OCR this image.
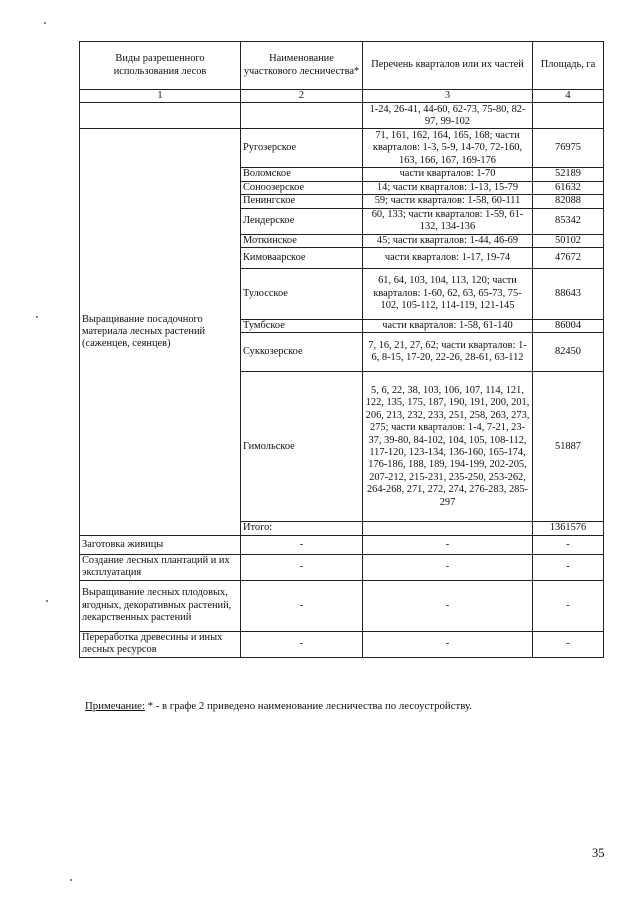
Виды разрешенного использования лесов	Наименование участкового лесничества*	Перечень кварталов или их частей	Площадь, га
1	2	3	4
		1-24, 26-41, 44-60, 62-73, 75-80, 82-97, 99-102	
Выращивание посадочного материала лесных растений (саженцев, сеянцев)	Ругозерское	71, 161, 162, 164, 165, 168; части кварталов: 1-3, 5-9, 14-70, 72-160, 163, 166, 167, 169-176	76975
	Воломское	части кварталов: 1-70	52189
	Соноозерское	14; части кварталов: 1-13, 15-79	61632
	Пенингское	59; части кварталов: 1-58, 60-111	82088
	Лендерское	60, 133; части кварталов: 1-59, 61-132, 134-136	85342
	Моткинское	45; части кварталов: 1-44, 46-69	50102
	Кимоваарское	части кварталов: 1-17, 19-74	47672
	Тулосское	61, 64, 103, 104, 113, 120; части кварталов: 1-60, 62, 63, 65-73, 75-102, 105-112, 114-119, 121-145	88643
	Тумбское	части кварталов: 1-58, 61-140	86004
	Суккозерское	7, 16, 21, 27, 62; части кварталов: 1-6, 8-15, 17-20, 22-26, 28-61, 63-112	82450
	Гимольское	5, 6, 22, 38, 103, 106, 107, 114, 121, 122, 135, 175, 187, 190, 191, 200, 201, 206, 213, 232, 233, 251, 258, 263, 273, 275; части кварталов: 1-4, 7-21, 23-37, 39-80, 84-102, 104, 105, 108-112, 117-120, 123-134, 136-160, 165-174, 176-186, 188, 189, 194-199, 202-205, 207-212, 215-231, 235-250, 253-262, 264-268, 271, 272, 274, 276-283, 285-297	51887
	Итого:		1361576
Заготовка живицы	-	-	-
Создание лесных плантаций и их эксплуатация	-	-	-
Выращивание лесных плодовых, ягодных, декоративных растений, лекарственных растений	-	-	-
Переработка древесины и иных лесных ресурсов	-	-	-
Примечание: * - в графе 2 приведено наименование лесничества по лесоустройству.
35
